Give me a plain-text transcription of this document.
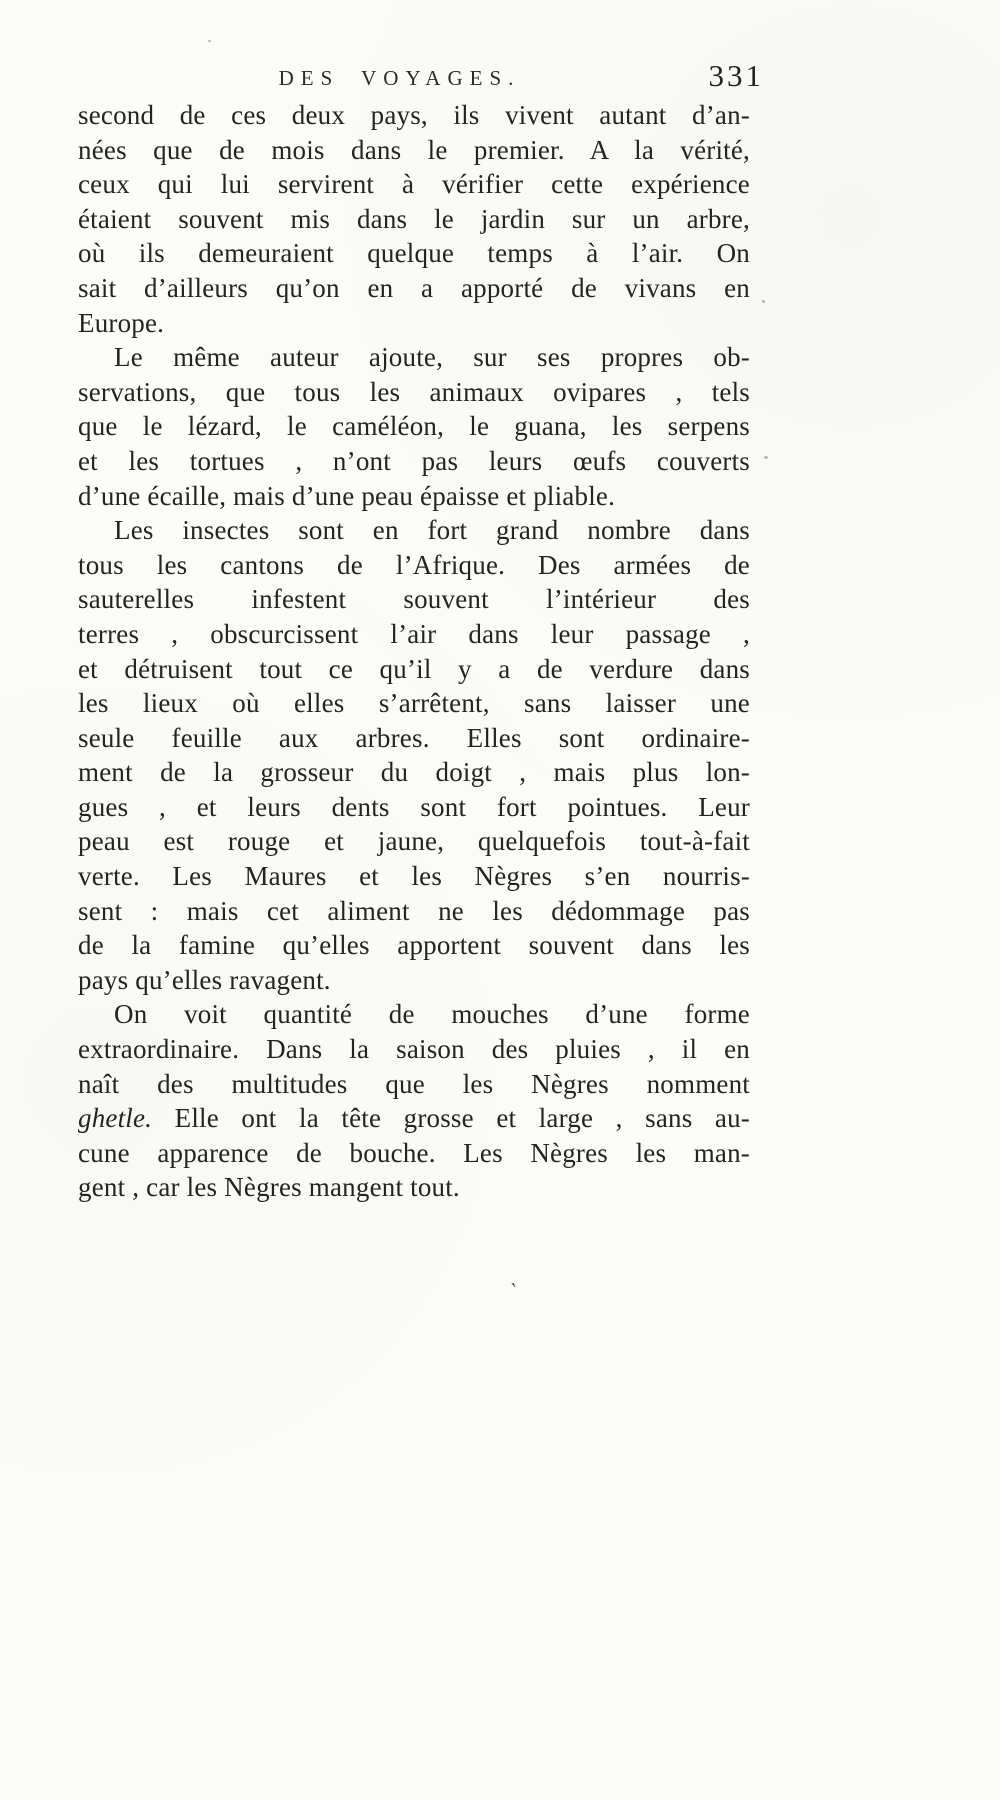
DES VOYAGES.	331

second de ces deux pays, ils vivent autant d’an-
nées que de mois dans le premier. A la vérité,
ceux qui lui servirent à vérifier cette expérience
étaient souvent mis dans le jardin sur un arbre,
où ils demeuraient quelque temps à l’air. On
sait d’ailleurs qu’on en a apporté de vivans en
Europe.

Le même auteur ajoute, sur ses propres ob-
servations, que tous les animaux ovipares , tels
que le lézard, le caméléon, le guana, les serpens
et les tortues , n’ont pas leurs œufs couverts
d’une écaille, mais d’une peau épaisse et pliable.

Les insectes sont en fort grand nombre dans
tous les cantons de l’Afrique. Des armées de
sauterelles infestent souvent l’intérieur des
terres , obscurcissent l’air dans leur passage ,
et détruisent tout ce qu’il y a de verdure dans
les lieux où elles s’arrêtent, sans laisser une
seule feuille aux arbres. Elles sont ordinaire-
ment de la grosseur du doigt , mais plus lon-
gues , et leurs dents sont fort pointues. Leur
peau est rouge et jaune, quelquefois tout-à-fait
verte. Les Maures et les Nègres s’en nourris-
sent : mais cet aliment ne les dédommage pas
de la famine qu’elles apportent souvent dans les
pays qu’elles ravagent.

On voit quantité de mouches d’une forme
extraordinaire. Dans la saison des pluies , il en
naît des multitudes que les Nègres nomment
ghetle. Elle ont la tête grosse et large , sans au-
cune apparence de bouche. Les Nègres les man-
gent , car les Nègres mangent tout.

ˎ
